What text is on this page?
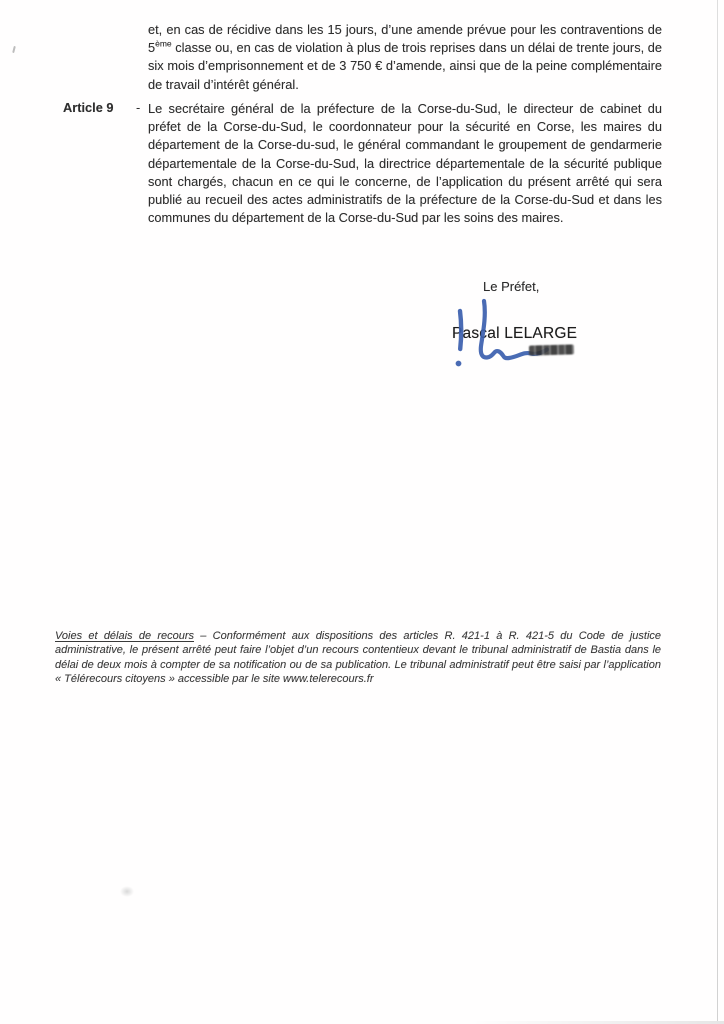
et, en cas de récidive dans les 15 jours, d’une amende prévue pour les contraventions de 5ème classe ou, en cas de violation à plus de trois reprises dans un délai de trente jours, de six mois d’emprisonnement et de 3 750 € d’amende, ainsi que de la peine complémentaire de travail d’intérêt général.

Article 9 - Le secrétaire général de la préfecture de la Corse-du-Sud, le directeur de cabinet du préfet de la Corse-du-Sud, le coordonnateur pour la sécurité en Corse, les maires du département de la Corse-du-sud, le général commandant le groupement de gendarmerie départementale de la Corse-du-Sud, la directrice départementale de la sécurité publique sont chargés, chacun en ce qui le concerne, de l’application du présent arrêté qui sera publié au recueil des actes administratifs de la préfecture de la Corse-du-Sud et dans les communes du département de la Corse-du-Sud par les soins des maires.

Le Préfet,
Pascal LELARGE

Voies et délais de recours – Conformément aux dispositions des articles R. 421-1 à R. 421-5 du Code de justice administrative, le présent arrêté peut faire l’objet d’un recours contentieux devant le tribunal administratif de Bastia dans le délai de deux mois à compter de sa notification ou de sa publication. Le tribunal administratif peut être saisi par l’application « Télérecours citoyens » accessible par le site www.telerecours.fr
